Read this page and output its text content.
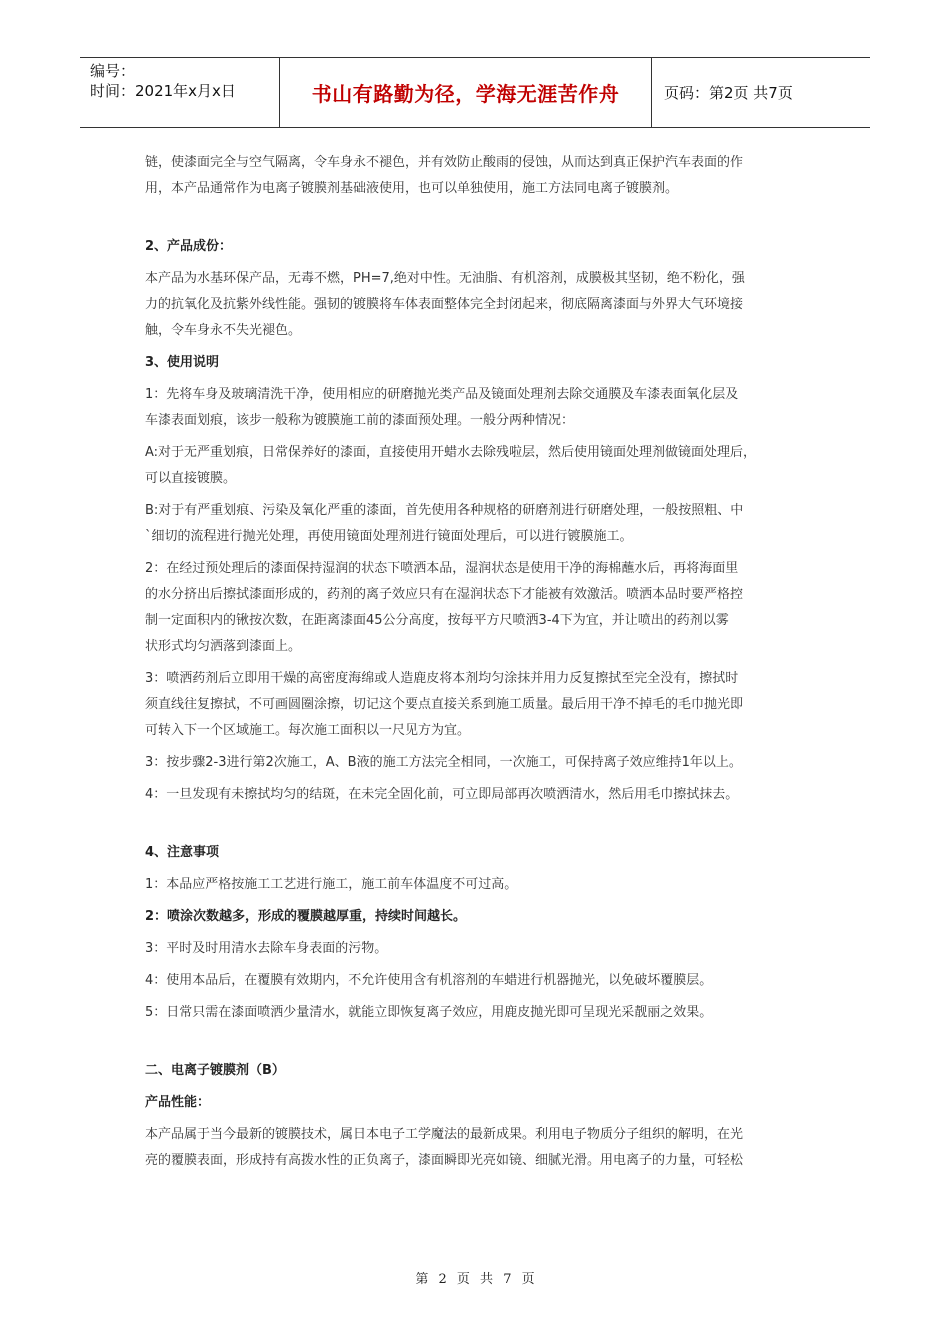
编号：
时间：2021年x月x日	书山有路勤为径，学海无涯苦作舟	页码：第2页 共7页
链，使漆面完全与空气隔离，令车身永不褪色，并有效防止酸雨的侵蚀，从而达到真正保护汽车表面的作
用，本产品通常作为电离子镀膜剂基础液使用，也可以单独使用，施工方法同电离子镀膜剂。
2、产品成份：
本产品为水基环保产品，无毒不燃，PH=7,绝对中性。无油脂、有机溶剂，成膜极其坚韧，绝不粉化，强
力的抗氧化及抗紫外线性能。强韧的镀膜将车体表面整体完全封闭起来，彻底隔离漆面与外界大气环境接
触，令车身永不失光褪色。
3、使用说明
1：先将车身及玻璃清洗干净，使用相应的研磨抛光类产品及镜面处理剂去除交通膜及车漆表面氧化层及
车漆表面划痕，该步一般称为镀膜施工前的漆面预处理。一般分两种情况：
A:对于无严重划痕，日常保养好的漆面，直接使用开蜡水去除残啦层，然后使用镜面处理剂做镜面处理后，
可以直接镀膜。
B:对于有严重划痕、污染及氧化严重的漆面，首先使用各种规格的研磨剂进行研磨处理，一般按照粗、中
`细切的流程进行抛光处理，再使用镜面处理剂进行镜面处理后，可以进行镀膜施工。
2：在经过预处理后的漆面保持湿润的状态下喷洒本品，湿润状态是使用干净的海棉蘸水后，再将海面里
的水分挤出后擦拭漆面形成的，药剂的离子效应只有在湿润状态下才能被有效激活。喷洒本品时要严格控
制一定面积内的锹按次数，在距离漆面45公分高度，按每平方尺喷洒3-4下为宜，并让喷出的药剂以雾
状形式均匀洒落到漆面上。
3：喷洒药剂后立即用干燥的高密度海绵或人造鹿皮将本剂均匀涂抹并用力反复擦拭至完全没有，擦拭时
须直线往复擦拭，不可画圆圈涂擦，切记这个要点直接关系到施工质量。最后用干净不掉毛的毛巾抛光即
可转入下一个区域施工。每次施工面积以一尺见方为宜。
3：按步骤2-3进行第2次施工，A、B液的施工方法完全相同，一次施工，可保持离子效应维持1年以上。
4：一旦发现有未擦拭均匀的结斑，在未完全固化前，可立即局部再次喷洒清水，然后用毛巾擦拭抹去。
4、注意事项
1：本品应严格按施工工艺进行施工，施工前车体温度不可过高。
2：喷涂次数越多，形成的覆膜越厚重，持续时间越长。
3：平时及时用清水去除车身表面的污物。
4：使用本品后，在覆膜有效期内，不允许使用含有机溶剂的车蜡进行机器抛光，以免破坏覆膜层。
5：日常只需在漆面喷洒少量清水，就能立即恢复离子效应，用鹿皮抛光即可呈现光采靓丽之效果。
二、电离子镀膜剂（B）
产品性能：
本产品属于当今最新的镀膜技术，属日本电子工学魔法的最新成果。利用电子物质分子组织的解明，在光
亮的覆膜表面，形成持有高拨水性的正负离子，漆面瞬即光亮如镜、细腻光滑。用电离子的力量，可轻松
第 2 页 共 7 页
